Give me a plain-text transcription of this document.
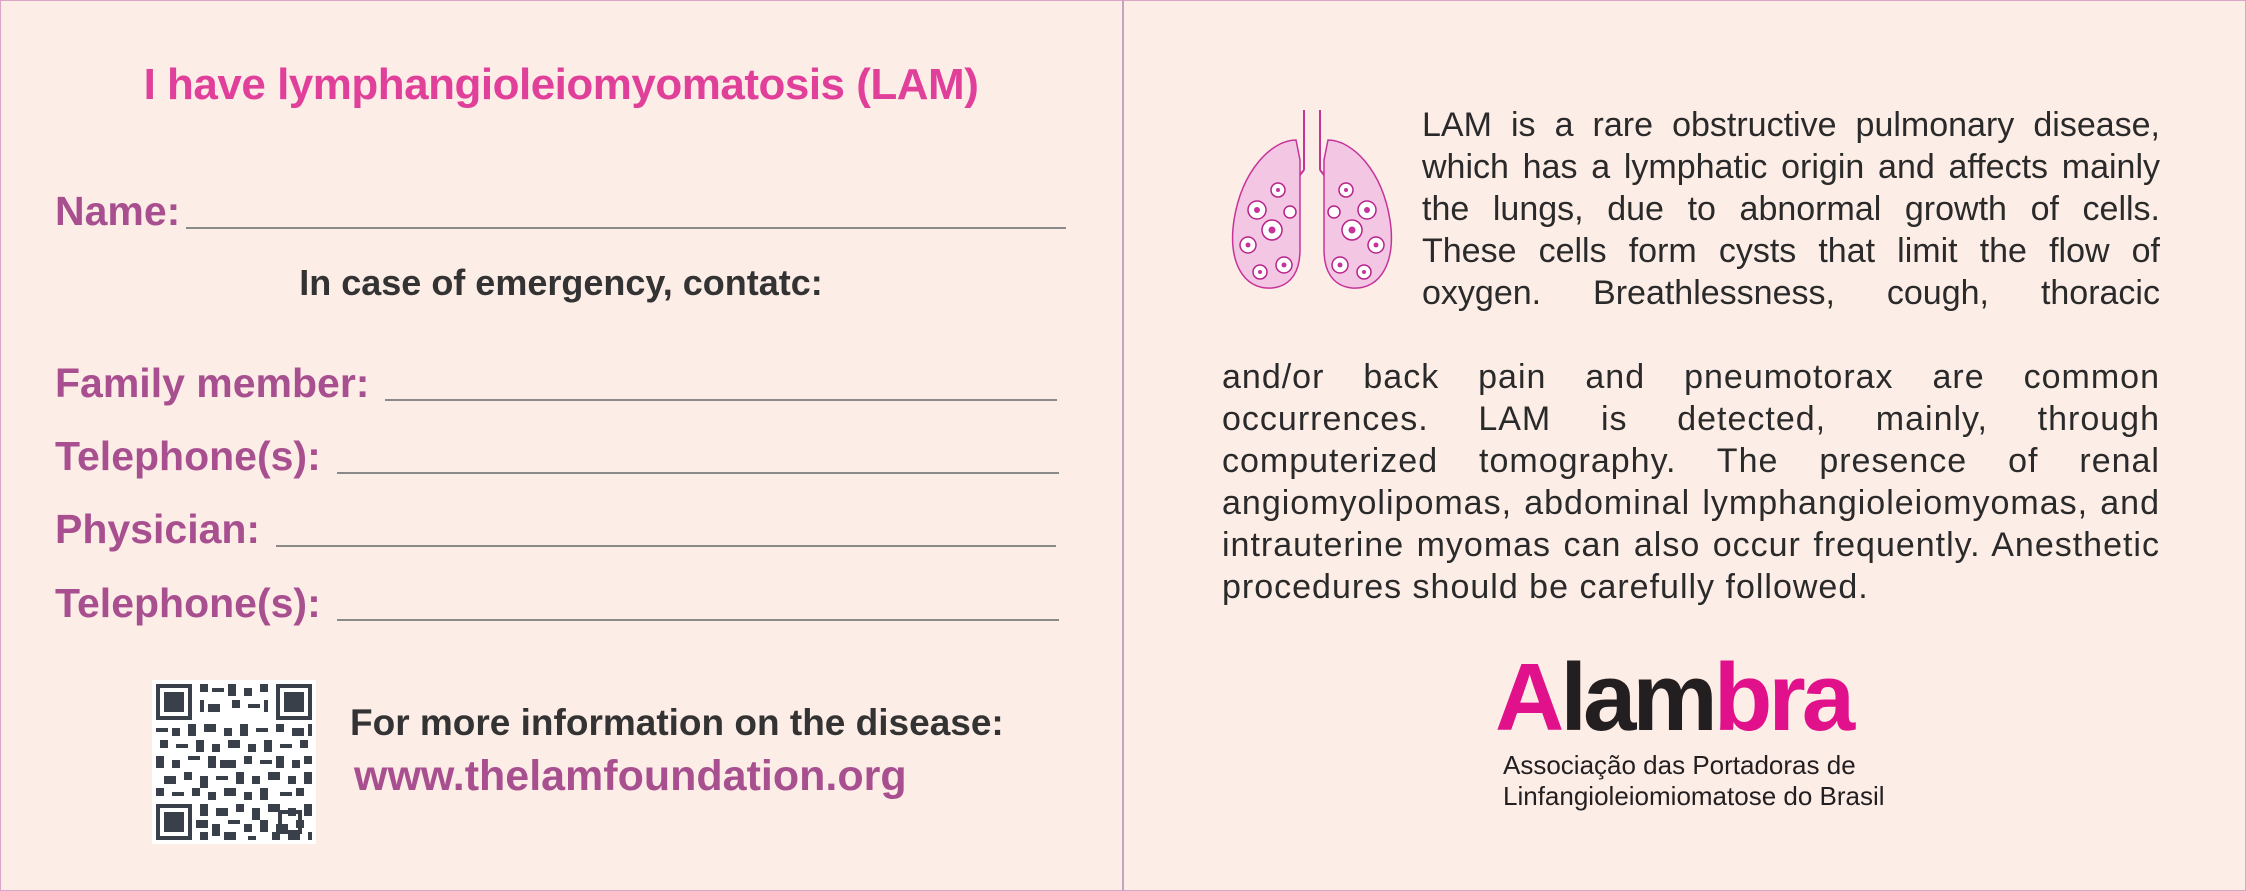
I have lymphangioleiomyomatosis (LAM)
Name:
In case of emergency, contatc:
Family member:
Telephone(s):
Physician:
Telephone(s):
For more information on the disease:
www.thelamfoundation.org
LAM is a rare obstructive pulmonary disease, which has a lymphatic origin and affects mainly the lungs, due to abnormal growth of cells. These cells form cysts that limit the flow of oxygen. Breathlessness, cough, thoracic
and/or back pain and pneumotorax are common occurrences. LAM is detected, mainly, through computerized tomography. The presence of renal angiomyolipomas, abdominal lymphangioleiomyomas, and intrauterine myomas can also occur frequently. Anesthetic procedures should be carefully followed.
Alambra
Associação das Portadoras de
Linfangioleiomiomatose do Brasil
